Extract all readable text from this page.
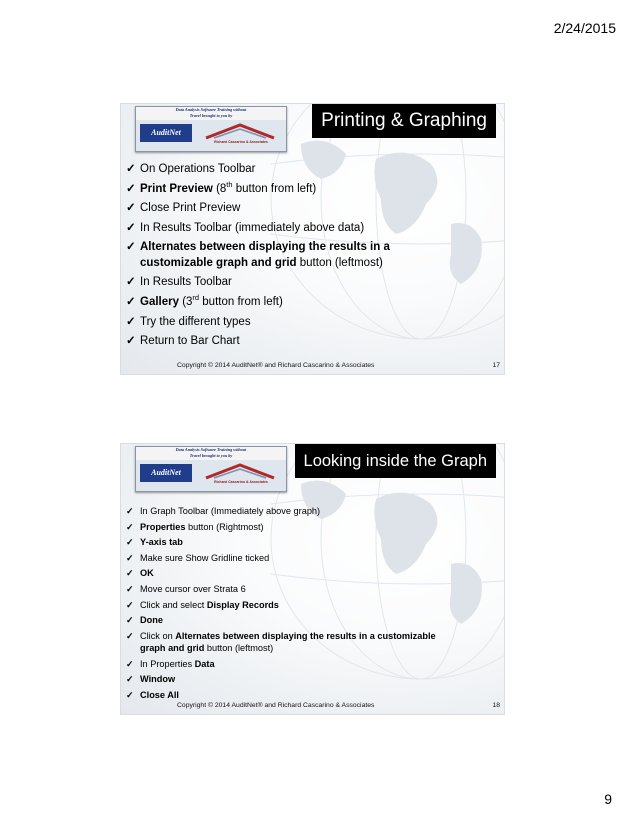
2/24/2015
Data Analysis Software Training without
Travel brought to you by
AuditNet
Richard Cascarino & Associates
Printing & Graphing
✓ On Operations Toolbar
✓ Print Preview (8th button from left)
✓ Close Print Preview
✓ In Results Toolbar (immediately above data)
✓ Alternates between displaying the results in a customizable graph and grid button (leftmost)
✓ In Results Toolbar
✓ Gallery (3rd button from left)
✓ Try the different types
✓ Return to Bar Chart
Copyright © 2014 AuditNet® and Richard Cascarino & Associates	17
Data Analysis Software Training without
Travel brought to you by
AuditNet
Richard Cascarino & Associates
Looking inside the Graph
✓ In Graph Toolbar (Immediately above graph)
✓ Properties button (Rightmost)
✓ Y-axis tab
✓ Make sure Show Gridline ticked
✓ OK
✓ Move cursor over Strata 6
✓ Click and select Display Records
✓ Done
✓ Click on Alternates between displaying the results in a customizable graph and grid button (leftmost)
✓ In Properties Data
✓ Window
✓ Close All
Copyright © 2014 AuditNet® and Richard Cascarino & Associates	18
9
